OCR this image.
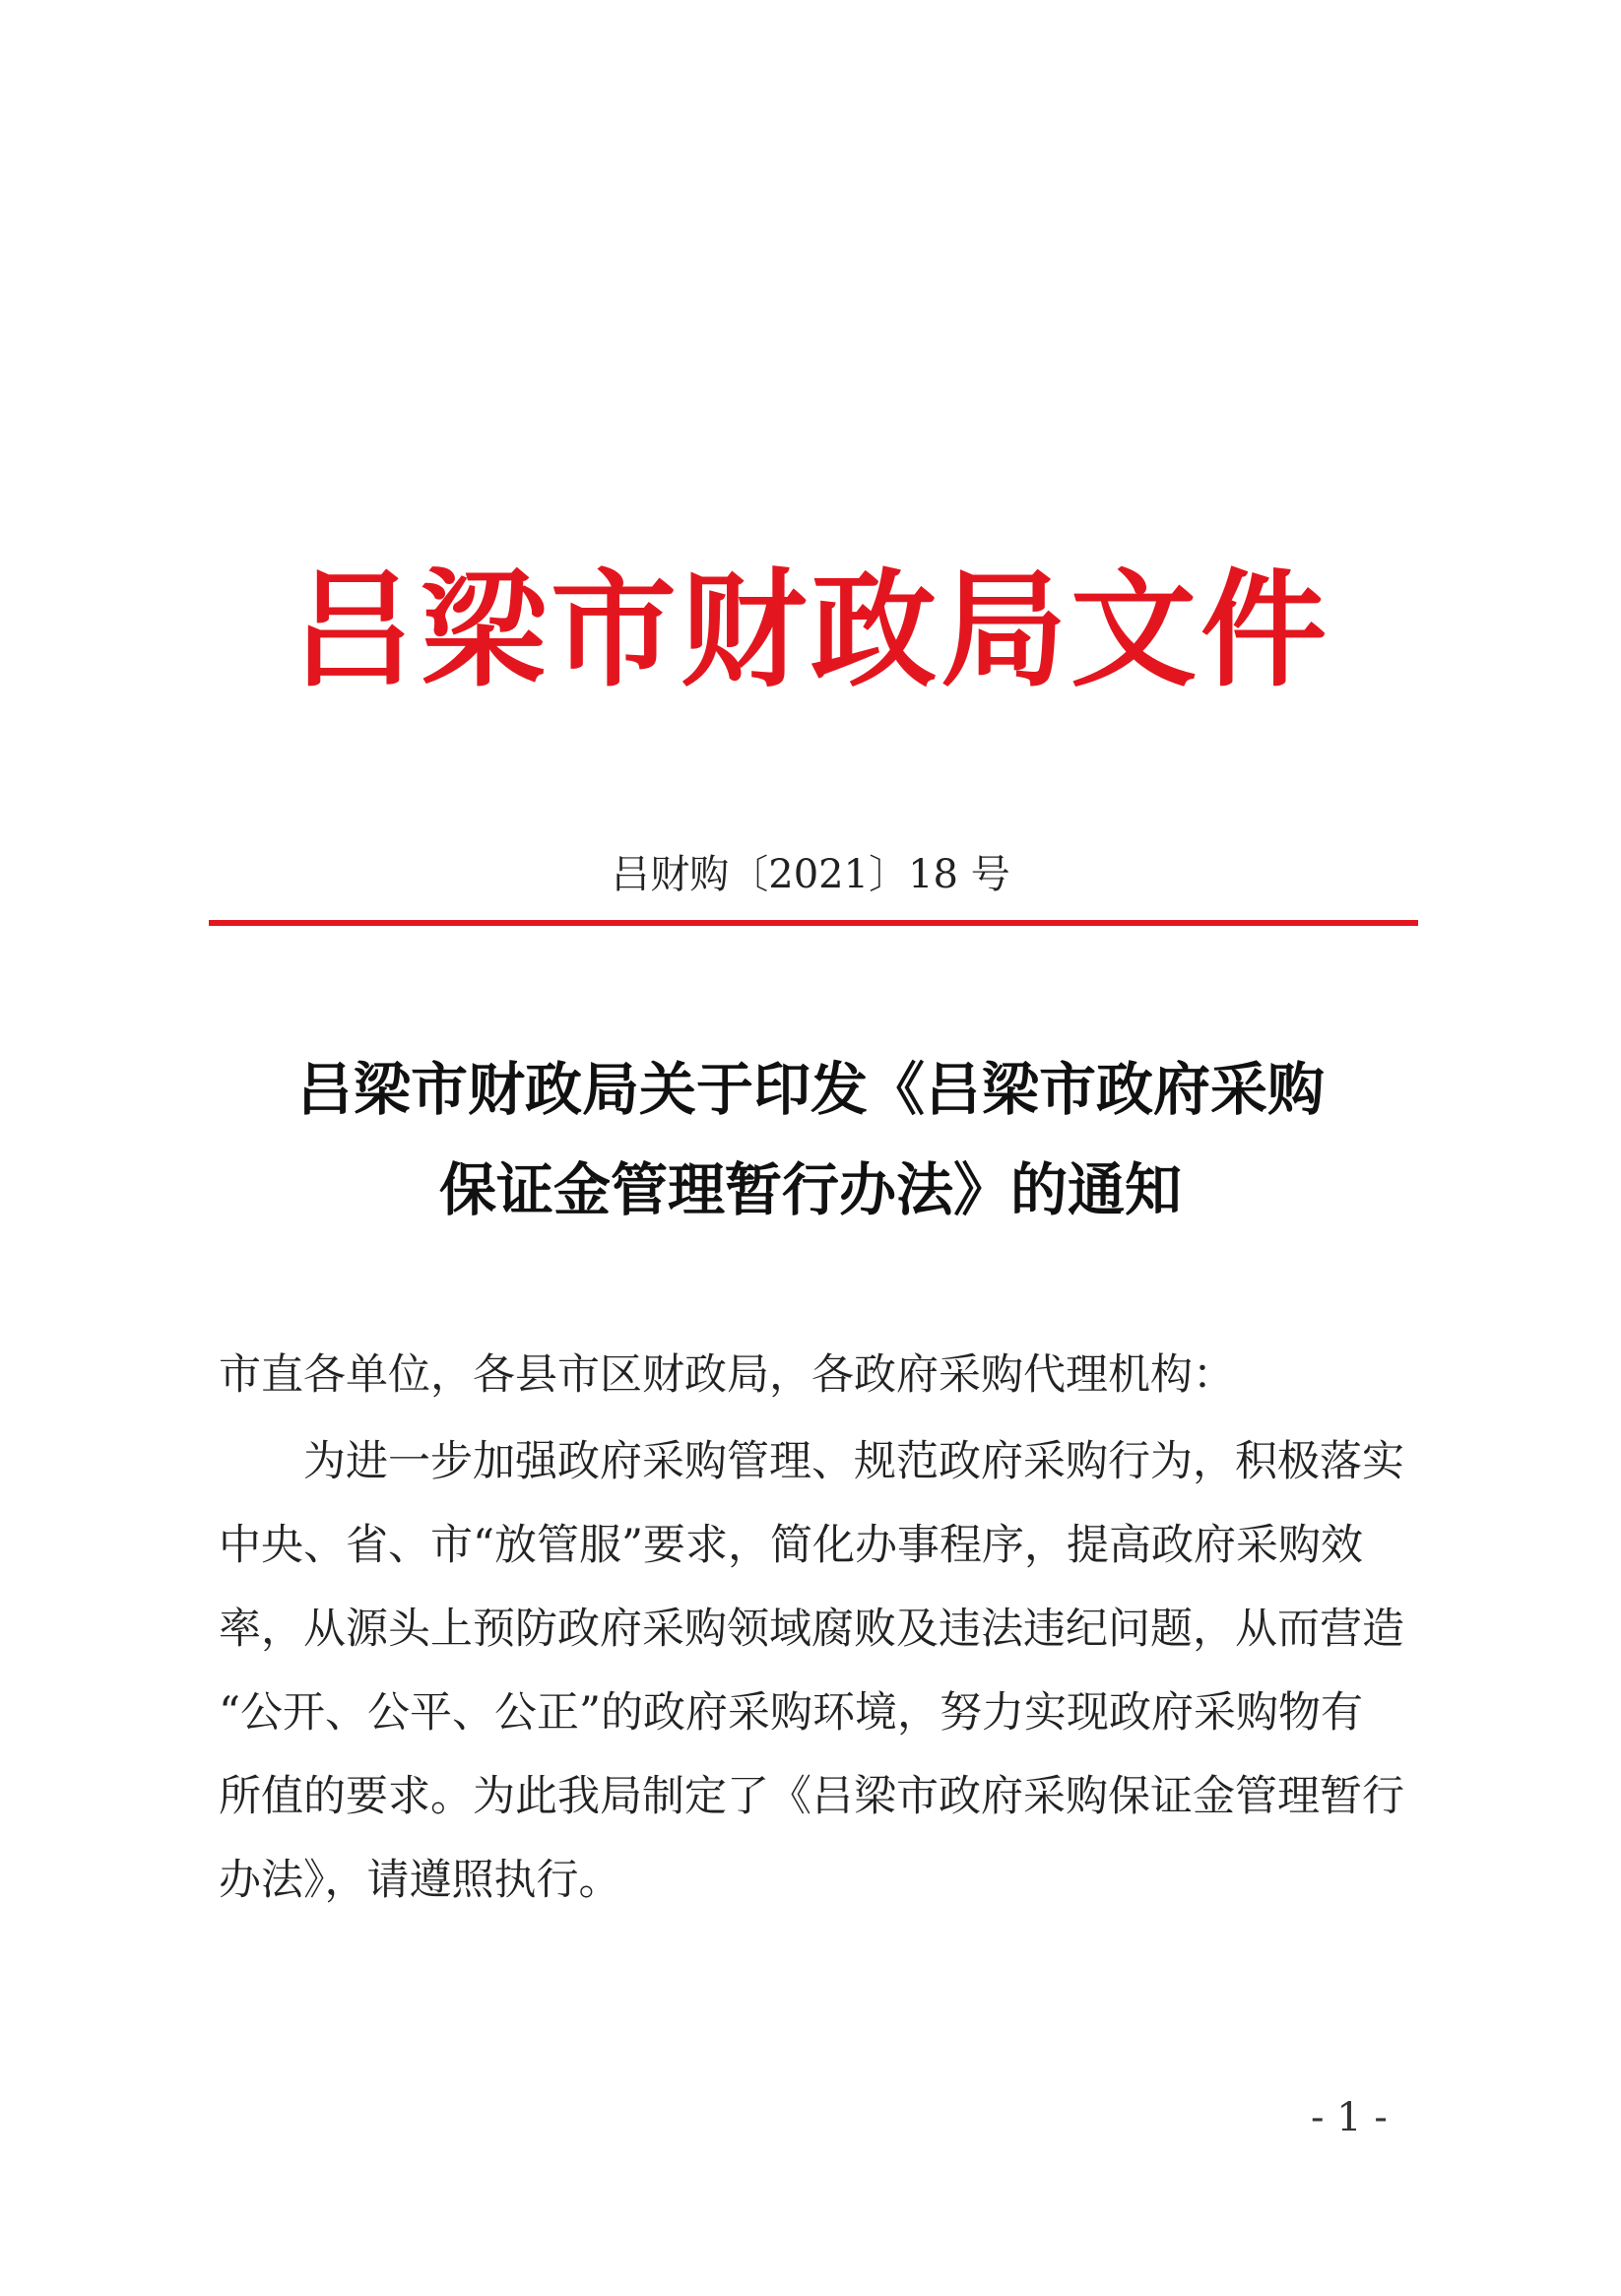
吕梁市财政局文件
吕财购〔2021〕18 号
吕梁市财政局关于印发《吕梁市政府采购
保证金管理暂行办法》的通知
市直各单位，各县市区财政局，各政府采购代理机构：
为进一步加强政府采购管理、规范政府采购行为，积极落实
中央、省、市“放管服”要求，简化办事程序，提高政府采购效
率，从源头上预防政府采购领域腐败及违法违纪问题，从而营造
“公开、公平、公正”的政府采购环境，努力实现政府采购物有
所值的要求。为此我局制定了《吕梁市政府采购保证金管理暂行
办法》，请遵照执行。
- 1 -
